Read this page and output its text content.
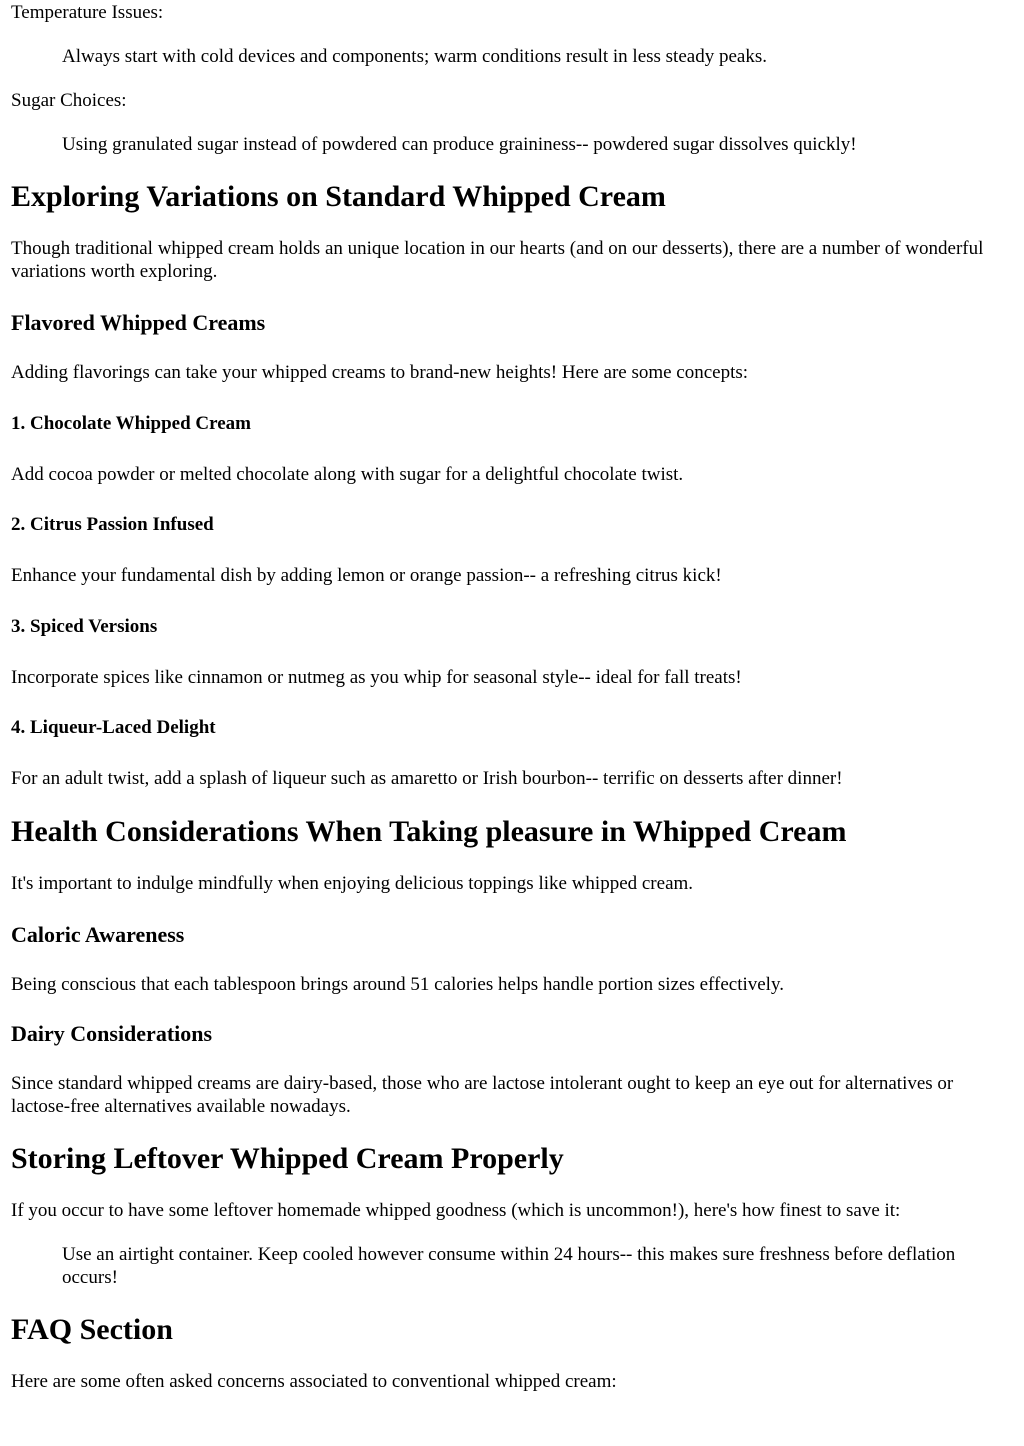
Temperature Issues:
Always start with cold devices and components; warm conditions result in less steady peaks.
Sugar Choices:
Using granulated sugar instead of powdered can produce graininess-- powdered sugar dissolves quickly!
Exploring Variations on Standard Whipped Cream

Though traditional whipped cream holds an unique location in our hearts (and on our desserts), there are a number of wonderful variations worth exploring.

Flavored Whipped Creams

Adding flavorings can take your whipped creams to brand-new heights! Here are some concepts:

1. Chocolate Whipped Cream

Add cocoa powder or melted chocolate along with sugar for a delightful chocolate twist.

2. Citrus Passion Infused

Enhance your fundamental dish by adding lemon or orange passion-- a refreshing citrus kick!

3. Spiced Versions

Incorporate spices like cinnamon or nutmeg as you whip for seasonal style-- ideal for fall treats!

4. Liqueur-Laced Delight

For an adult twist, add a splash of liqueur such as amaretto or Irish bourbon-- terrific on desserts after dinner!

Health Considerations When Taking pleasure in Whipped Cream

It's important to indulge mindfully when enjoying delicious toppings like whipped cream.

Caloric Awareness

Being conscious that each tablespoon brings around 51 calories helps handle portion sizes effectively.

Dairy Considerations

Since standard whipped creams are dairy-based, those who are lactose intolerant ought to keep an eye out for alternatives or lactose-free alternatives available nowadays.

Storing Leftover Whipped Cream Properly

If you occur to have some leftover homemade whipped goodness (which is uncommon!), here's how finest to save it:

Use an airtight container. Keep cooled however consume within 24 hours-- this makes sure freshness before deflation occurs!
FAQ Section

Here are some often asked concerns associated to conventional whipped cream:
